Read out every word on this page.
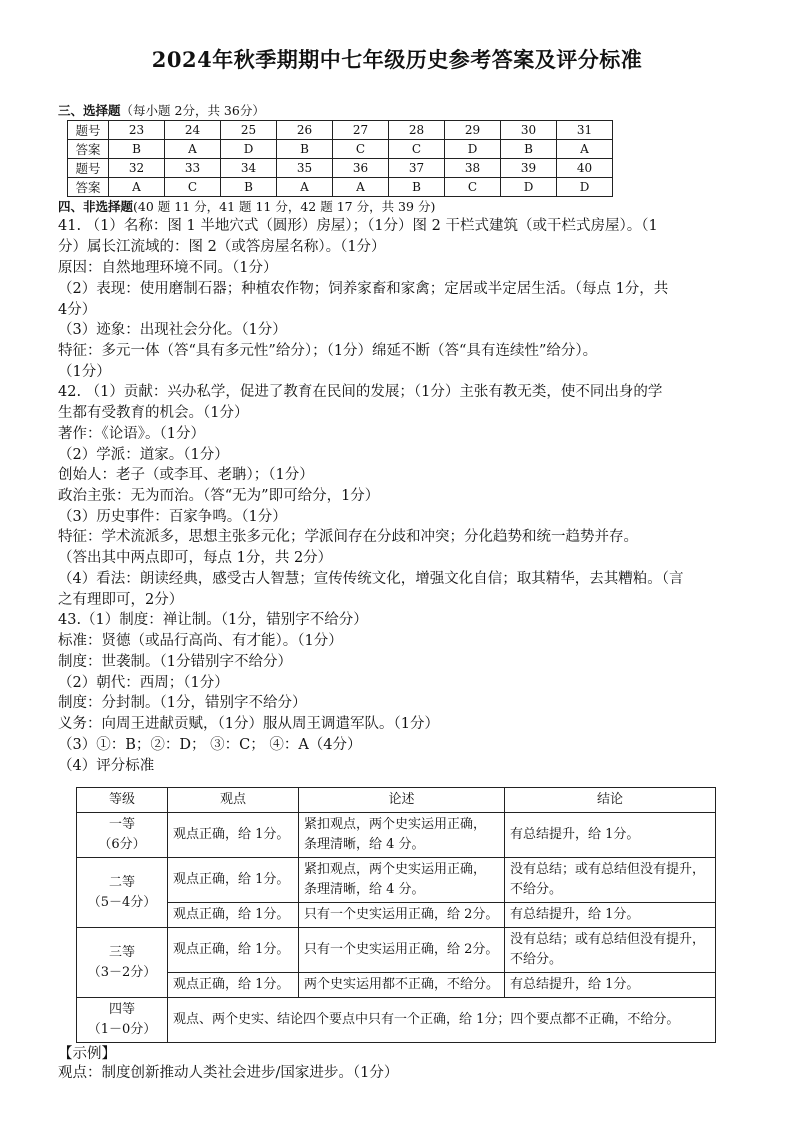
2024年秋季期期中七年级历史参考答案及评分标准
三、选择题（每小题 2分，共 36分）
题号	23	24	25	26	27	28	29	30	31
答案	B	A	D	B	C	C	D	B	A
题号	32	33	34	35	36	37	38	39	40
答案	A	C	B	A	A	B	C	D	D
四、非选择题(40 题 11 分，41 题 11 分，42 题 17 分，共 39 分)
41. （1）名称：图 1 半地穴式（圆形）房屋）；（1分）图 2 干栏式建筑（或干栏式房屋）。（1
分）属长江流域的：图 2（或答房屋名称）。（1分）
原因：自然地理环境不同。（1分）
（2）表现：使用磨制石器；种植农作物；饲养家畜和家禽；定居或半定居生活。（每点 1分，共
4分）
（3）迹象：出现社会分化。（1分）
特征：多元一体（答“具有多元性”给分）；（1分）绵延不断（答“具有连续性”给分）。
（1分）
42. （1）贡献：兴办私学，促进了教育在民间的发展；（1分）主张有教无类，使不同出身的学
生都有受教育的机会。（1分）
著作：《论语》。（1分）
（2）学派：道家。（1分）
创始人：老子（或李耳、老聃）；（1分）
政治主张：无为而治。（答“无为”即可给分，1分）
（3）历史事件：百家争鸣。（1分）
特征：学术流派多，思想主张多元化；学派间存在分歧和冲突；分化趋势和统一趋势并存。
（答出其中两点即可，每点 1分，共 2分）
（4）看法：朗读经典，感受古人智慧；宣传传统文化，增强文化自信；取其精华，去其糟粕。（言
之有理即可，2分）
43.（1）制度：禅让制。（1分，错别字不给分）
标准：贤德（或品行高尚、有才能）。（1分）
制度：世袭制。（1分错别字不给分）
（2）朝代：西周；（1分）
制度：分封制。（1分，错别字不给分）
义务：向周王进献贡赋，（1分）服从周王调遣军队。（1分）
（3）①：B；②：D； ③：C； ④：A（4分）
（4）评分标准
等级	观点	论述	结论
一等
（6分）	观点正确，给 1分。	紧扣观点，两个史实运用正确，
条理清晰，给 4 分。	有总结提升，给 1分。
二等
（5－4分）	观点正确，给 1分。	紧扣观点，两个史实运用正确，
条理清晰，给 4 分。	没有总结；或有总结但没有提升，
不给分。
	观点正确，给 1分。	只有一个史实运用正确，给 2分。	有总结提升，给 1分。
三等
（3－2分）	观点正确，给 1分。	只有一个史实运用正确，给 2分。	没有总结；或有总结但没有提升，
不给分。
	观点正确，给 1分。	两个史实运用都不正确，不给分。	有总结提升，给 1分。
四等
（1－0分）	观点、两个史实、结论四个要点中只有一个正确，给 1分；四个要点都不正确，不给分。		
【示例】
观点：制度创新推动人类社会进步/国家进步。（1分）
